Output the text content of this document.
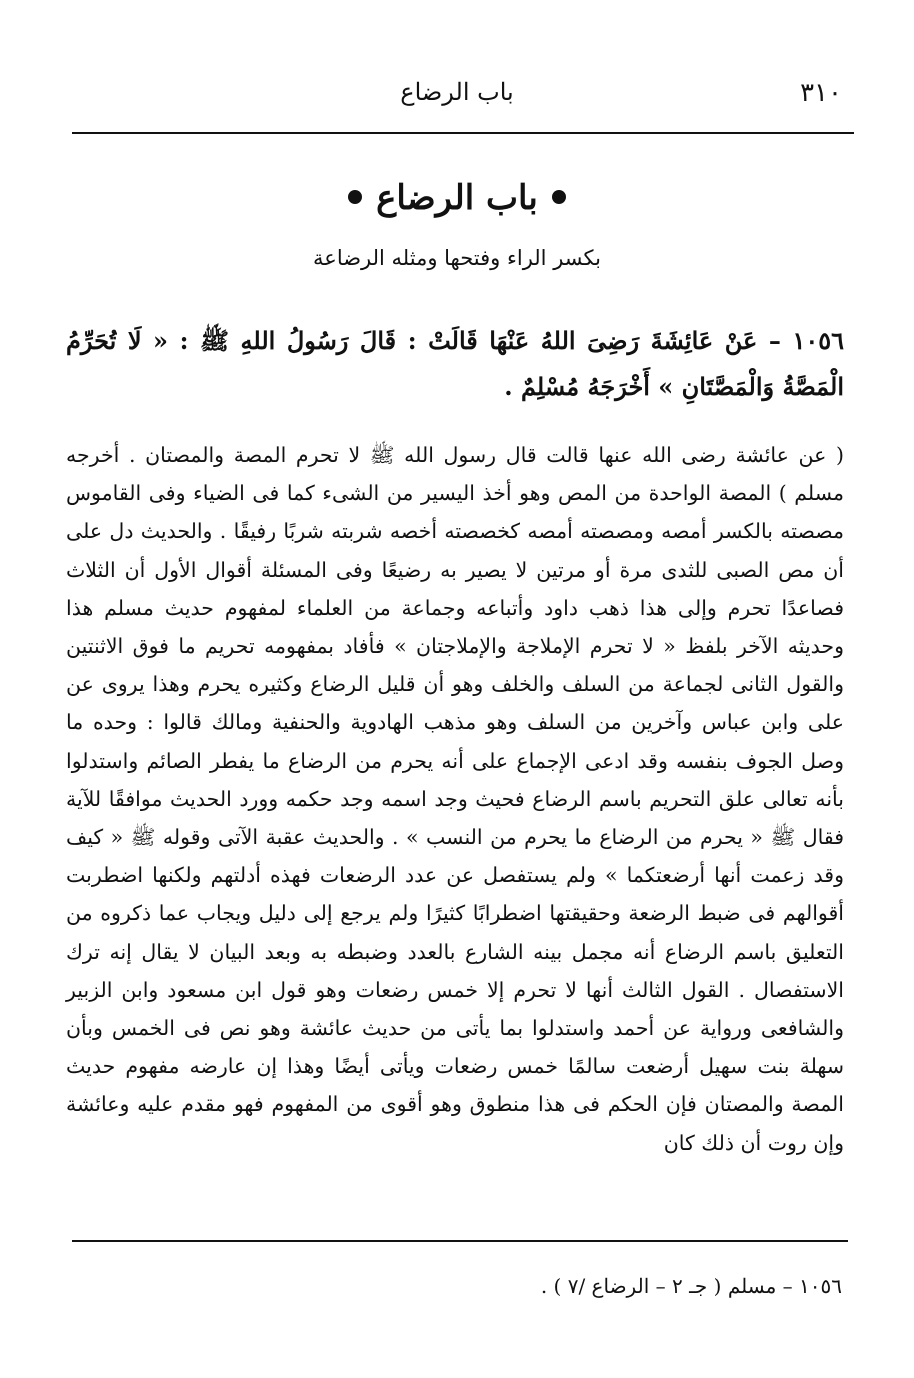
٣١٠
باب الرضاع
باب الرضاع
بكسر الراء وفتحها ومثله الرضاعة
١٠٥٦ – عَنْ عَائِشَةَ رَضِىَ اللهُ عَنْهَا قَالَتْ : قَالَ رَسُولُ اللهِ ﷺ : « لَا تُحَرِّمُ الْمَصَّةُ وَالْمَصَّتَانِ » أَخْرَجَهُ مُسْلِمٌ .
( عن عائشة رضى الله عنها قالت قال رسول الله ﷺ لا تحرم المصة والمصتان . أخرجه مسلم ) المصة الواحدة من المص وهو أخذ اليسير من الشىء كما فى الضياء وفى القاموس مصصته بالكسر أمصه ومصصته أمصه كخصصته أخصه شربته شربًا رفيقًا . والحديث دل على أن مص الصبى للثدى مرة أو مرتين لا يصير به رضيعًا وفى المسئلة أقوال الأول أن الثلاث فصاعدًا تحرم وإلى هذا ذهب داود وأتباعه وجماعة من العلماء لمفهوم حديث مسلم هذا وحديثه الآخر بلفظ « لا تحرم الإملاجة والإملاجتان » فأفاد بمفهومه تحريم ما فوق الاثنتين والقول الثانى لجماعة من السلف والخلف وهو أن قليل الرضاع وكثيره يحرم وهذا يروى عن على وابن عباس وآخرين من السلف وهو مذهب الهادوية والحنفية ومالك قالوا : وحده ما وصل الجوف بنفسه وقد ادعى الإجماع على أنه يحرم من الرضاع ما يفطر الصائم واستدلوا بأنه تعالى علق التحريم باسم الرضاع فحيث وجد اسمه وجد حكمه وورد الحديث موافقًا للآية فقال ﷺ « يحرم من الرضاع ما يحرم من النسب » . والحديث عقبة الآتى وقوله ﷺ « كيف وقد زعمت أنها أرضعتكما » ولم يستفصل عن عدد الرضعات فهذه أدلتهم ولكنها اضطربت أقوالهم فى ضبط الرضعة وحقيقتها اضطرابًا كثيرًا ولم يرجع إلى دليل ويجاب عما ذكروه من التعليق باسم الرضاع أنه مجمل بينه الشارع بالعدد وضبطه به وبعد البيان لا يقال إنه ترك الاستفصال . القول الثالث أنها لا تحرم إلا خمس رضعات وهو قول ابن مسعود وابن الزبير والشافعى ورواية عن أحمد واستدلوا بما يأتى من حديث عائشة وهو نص فى الخمس وبأن سهلة بنت سهيل أرضعت سالمًا خمس رضعات ويأتى أيضًا وهذا إن عارضه مفهوم حديث المصة والمصتان فإن الحكم فى هذا منطوق وهو أقوى من المفهوم فهو مقدم عليه وعائشة وإن روت أن ذلك كان
١٠٥٦ – مسلم ( جـ ٢ – الرضاع /٧ ) .
